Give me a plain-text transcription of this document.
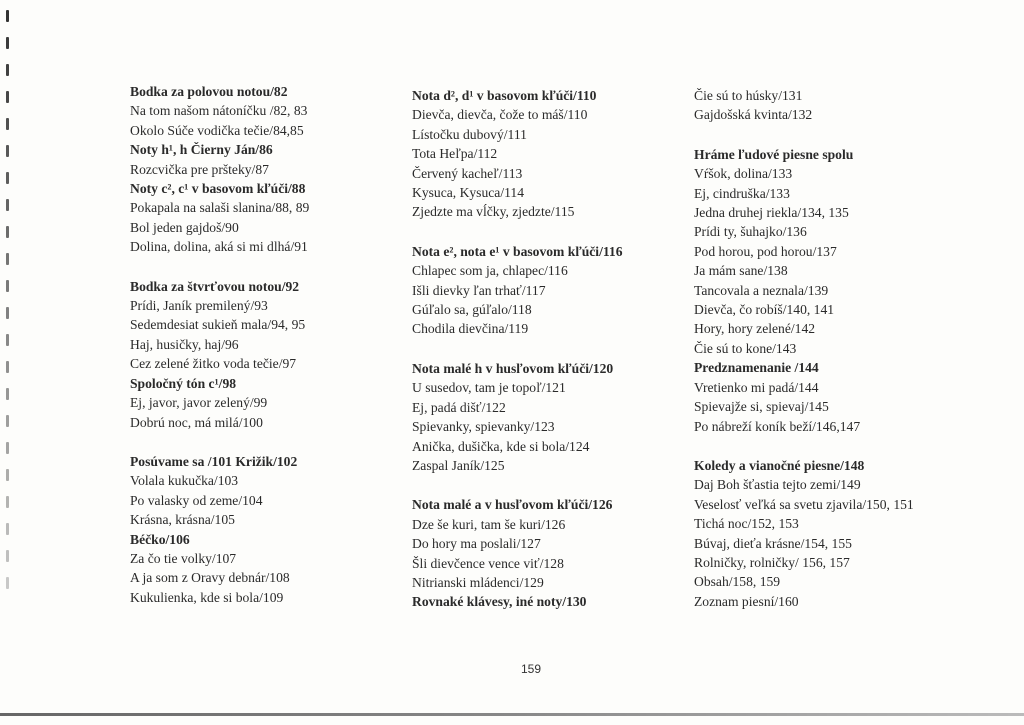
Bodka za polovou notou/82
Na tom našom nátoníčku /82, 83
Okolo Súče vodička tečie/84,85
Noty h¹, h Čierny Ján/86
Rozcvička pre pršteky/87
Noty c², c¹ v basovom kľúči/88
Pokapala na salaši slanina/88, 89
Bol jeden gajdoš/90
Dolina, dolina, aká si mi dlhá/91
Bodka za štvrťovou notou/92
Prídi, Janík premilený/93
Sedemdesiat sukieň mala/94, 95
Haj, husičky, haj/96
Cez zelené žitko voda tečie/97
Spoločný tón c¹/98
Ej, javor, javor zelený/99
Dobrú noc, má milá/100
Posúvame sa /101 Križik/102
Volala kukučka/103
Po valasky od zeme/104
Krásna, krásna/105
Béčko/106
Za čo tie volky/107
A ja som z Oravy debnár/108
Kukulienka, kde si bola/109
Nota d², d¹ v basovom kľúči/110
Dievča, dievča, čože to máš/110
Lístočku dubový/111
Tota Heľpa/112
Červený kacheľ/113
Kysuca, Kysuca/114
Zjedzte ma vĺčky, zjedzte/115
Nota e², nota e¹ v basovom kľúči/116
Chlapec som ja, chlapec/116
Išli dievky ľan trhať/117
Gúľalo sa, gúľalo/118
Chodila dievčina/119
Nota malé h v husľovom kľúči/120
U susedov, tam je topoľ/121
Ej, padá dišť/122
Spievanky, spievanky/123
Anička, dušička, kde si bola/124
Zaspal Janík/125
Nota malé a v husľovom kľúči/126
Dze še kuri, tam še kuri/126
Do hory ma poslali/127
Šli dievčence vence viť/128
Nitrianski mládenci/129
Rovnaké klávesy, iné noty/130
Čie sú to húsky/131
Gajdošská kvinta/132
Hráme ľudové piesne spolu
Vŕšok, dolina/133
Ej, cindruška/133
Jedna druhej riekla/134, 135
Prídi ty, šuhajko/136
Pod horou, pod horou/137
Ja mám sane/138
Tancovala a neznala/139
Dievča, čo robíš/140, 141
Hory, hory zelené/142
Čie sú to kone/143
Predznamenanie /144
Vretienko mi padá/144
Spievajže si, spievaj/145
Po nábreží koník beží/146,147
Koledy a vianočné piesne/148
Daj Boh šťastia tejto zemi/149
Veselosť veľká sa svetu zjavila/150, 151
Tichá noc/152, 153
Búvaj, dieťa krásne/154, 155
Rolničky, rolničky/ 156, 157
Obsah/158, 159
Zoznam piesní/160
159
